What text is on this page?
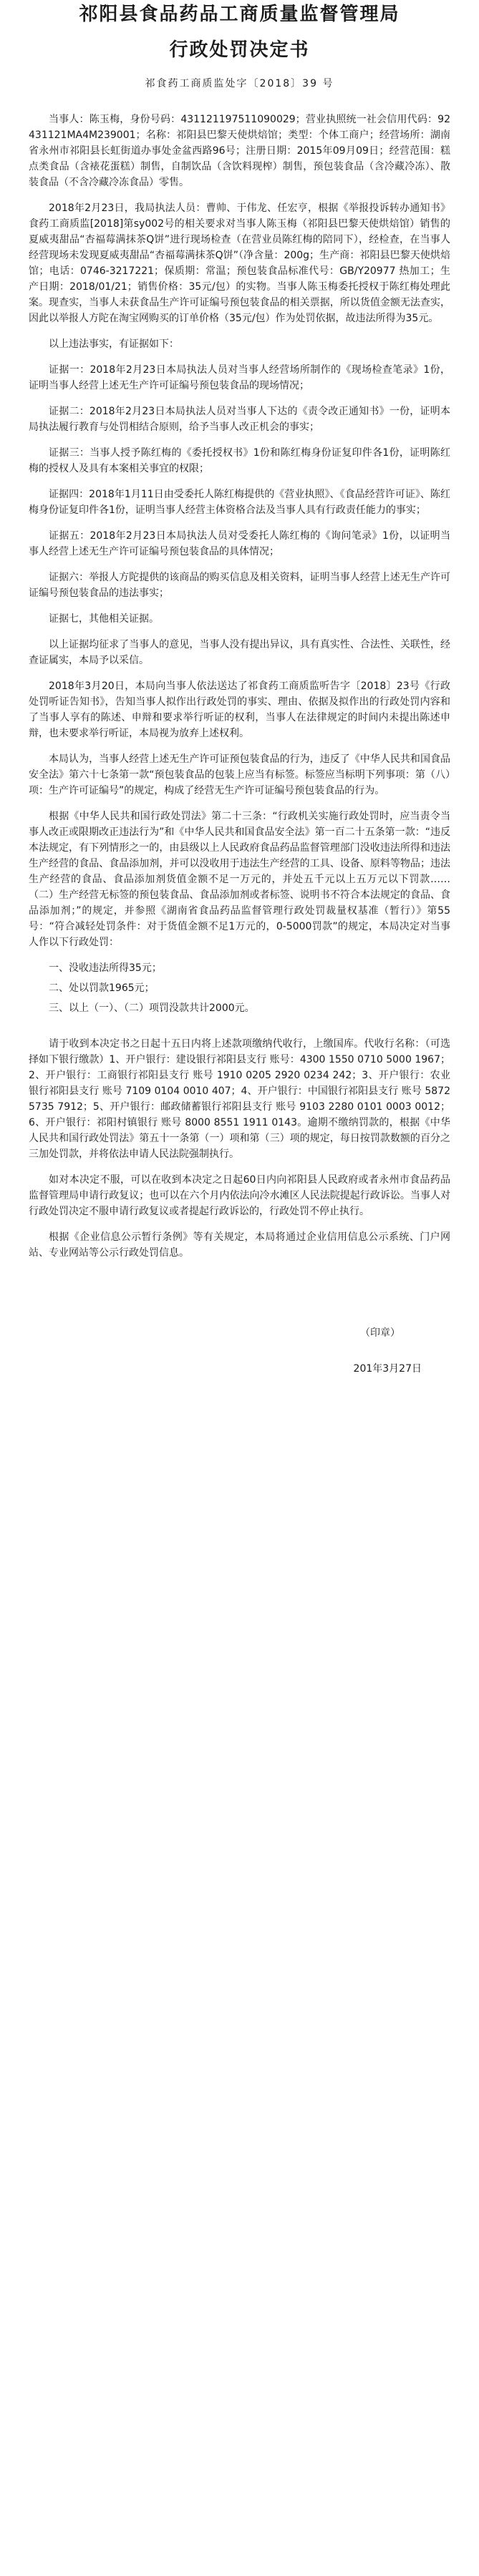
祁阳县食品药品工商质量监督管理局
行政处罚决定书
祁食药工商质监处字〔2018〕39 号

当事人：陈玉梅，身份号码：431121197511090029；营业执照统一社会信用代码：92431121MA4M239001；名称：祁阳县巴黎天使烘焙馆；类型：个体工商户；经营场所：湖南省永州市祁阳县长虹街道办事处金盆西路96号；注册日期：2015年09月09日；经营范围：糕点类食品（含裱花蛋糕）制售，自制饮品（含饮料现榨）制售，预包装食品（含冷藏冷冻）、散装食品（不含冷藏冷冻食品）零售。

2018年2月23日，我局执法人员：曹帅、于伟龙、任宏亨，根据《举报投诉转办通知书》食药工商质监[2018]第sy002号的相关要求对当事人陈玉梅（祁阳县巴黎天使烘焙馆）销售的夏威夷甜品“杏福莓满抹茶Q饼”进行现场检查（在营业员陈红梅的陪同下），经检查，在当事人经营现场未发现夏威夷甜品“杏福莓满抹茶Q饼”（净含量：200g；生产商：祁阳县巴黎天使烘焙馆；电话：0746-3217221；保质期：常温；预包装食品标准代号：GB/Y20977 热加工；生产日期：2018/01/21；销售价格：35元/包）的实物。当事人陈玉梅委托授权于陈红梅处理此案。现查实，当事人未获食品生产许可证编号预包装食品的相关票据，所以货值金额无法查实，因此以举报人方陀在淘宝网购买的订单价格（35元/包）作为处罚依据，故违法所得为35元。

以上违法事实，有证据如下：

证据一：2018年2月23日本局执法人员对当事人经营场所制作的《现场检查笔录》1份，证明当事人经营上述无生产许可证编号预包装食品的现场情况；

证据二：2018年2月23日本局执法人员对当事人下达的《责令改正通知书》一份，证明本局执法履行教育与处罚相结合原则，给予当事人改正机会的事实；

证据三：当事人授予陈红梅的《委托授权书》1份和陈红梅身份证复印件各1份，证明陈红梅的授权人及具有本案相关事宜的权限；

证据四：2018年1月11日由受委托人陈红梅提供的《营业执照》、《食品经营许可证》、陈红梅身份证复印件各1份，证明当事人经营主体资格合法及当事人具有行政责任能力的事实；

证据五：2018年2月23日本局执法人员对受委托人陈红梅的《询问笔录》1份，以证明当事人经营上述无生产许可证编号预包装食品的具体情况；

证据六：举报人方陀提供的该商品的购买信息及相关资料，证明当事人经营上述无生产许可证编号预包装食品的违法事实；

证据七，其他相关证据。

以上证据均征求了当事人的意见，当事人没有提出异议，具有真实性、合法性、关联性，经查证属实，本局予以采信。

2018年3月20日，本局向当事人依法送达了祁食药工商质监听告字〔2018〕23号《行政处罚听证告知书》，告知当事人拟作出行政处罚的事实、理由、依据及拟作出的行政处罚内容和了当事人享有的陈述、申辩和要求举行听证的权利，当事人在法律规定的时间内未提出陈述申辩，也未要求举行听证，本局视为放弃上述权利。

本局认为，当事人经营上述无生产许可证预包装食品的行为，违反了《中华人民共和国食品安全法》第六十七条第一款“预包装食品的包装上应当有标签。标签应当标明下列事项：第（八）项：生产许可证编号”的规定，构成了经营无生产许可证编号预包装食品的行为。

根据《中华人民共和国行政处罚法》第二十三条：“行政机关实施行政处罚时，应当责令当事人改正或限期改正违法行为”和《中华人民共和国食品安全法》第一百二十五条第一款：“违反本法规定，有下列情形之一的，由县级以上人民政府食品药品监督管理部门没收违法所得和违法生产经营的食品、食品添加剂，并可以没收用于违法生产经营的工具、设备、原料等物品；违法生产经营的食品、食品添加剂货值金额不足一万元的，并处五千元以上五万元以下罚款……（二）生产经营无标签的预包装食品、食品添加剂或者标签、说明书不符合本法规定的食品、食品添加剂；”的规定，并参照《湖南省食品药品监督管理行政处罚裁量权基准（暂行）》第55号：“符合减轻处罚条件：对于货值金额不足1万元的，0-5000罚款”的规定，本局决定对当事人作以下行政处罚：

一、没收违法所得35元；

二、处以罚款1965元；

三、以上（一）、（二）项罚没款共计2000元。

请于收到本决定书之日起十五日内将上述款项缴纳代收行，上缴国库。代收行名称：（可选择如下银行缴款）1、开户银行：建设银行祁阳县支行 账号：4300 1550 0710 5000 1967；2、开户银行：工商银行祁阳县支行 账号 1910 0205 2920 0234 242；3、开户银行：农业银行祁阳县支行 账号 7109 0104 0010 407；4、开户银行：中国银行祁阳县支行 账号 5872 5735 7912；5、开户银行：邮政储蓄银行祁阳县支行 账号 9103 2280 0101 0003 0012；6、开户银行：祁阳村镇银行 账号 8000 8551 1911 0143。逾期不缴纳罚款的，根据《中华人民共和国行政处罚法》第五十一条第（一）项和第（三）项的规定，每日按罚款数额的百分之三加处罚款，并将依法申请人民法院强制执行。

如对本决定不服，可以在收到本决定之日起60日内向祁阳县人民政府或者永州市食品药品监督管理局申请行政复议；也可以在六个月内依法向冷水滩区人民法院提起行政诉讼。当事人对行政处罚决定不服申请行政复议或者提起行政诉讼的，行政处罚不停止执行。

根据《企业信息公示暂行条例》等有关规定，本局将通过企业信用信息公示系统、门户网站、专业网站等公示行政处罚信息。

（印章）
201年3月27日
